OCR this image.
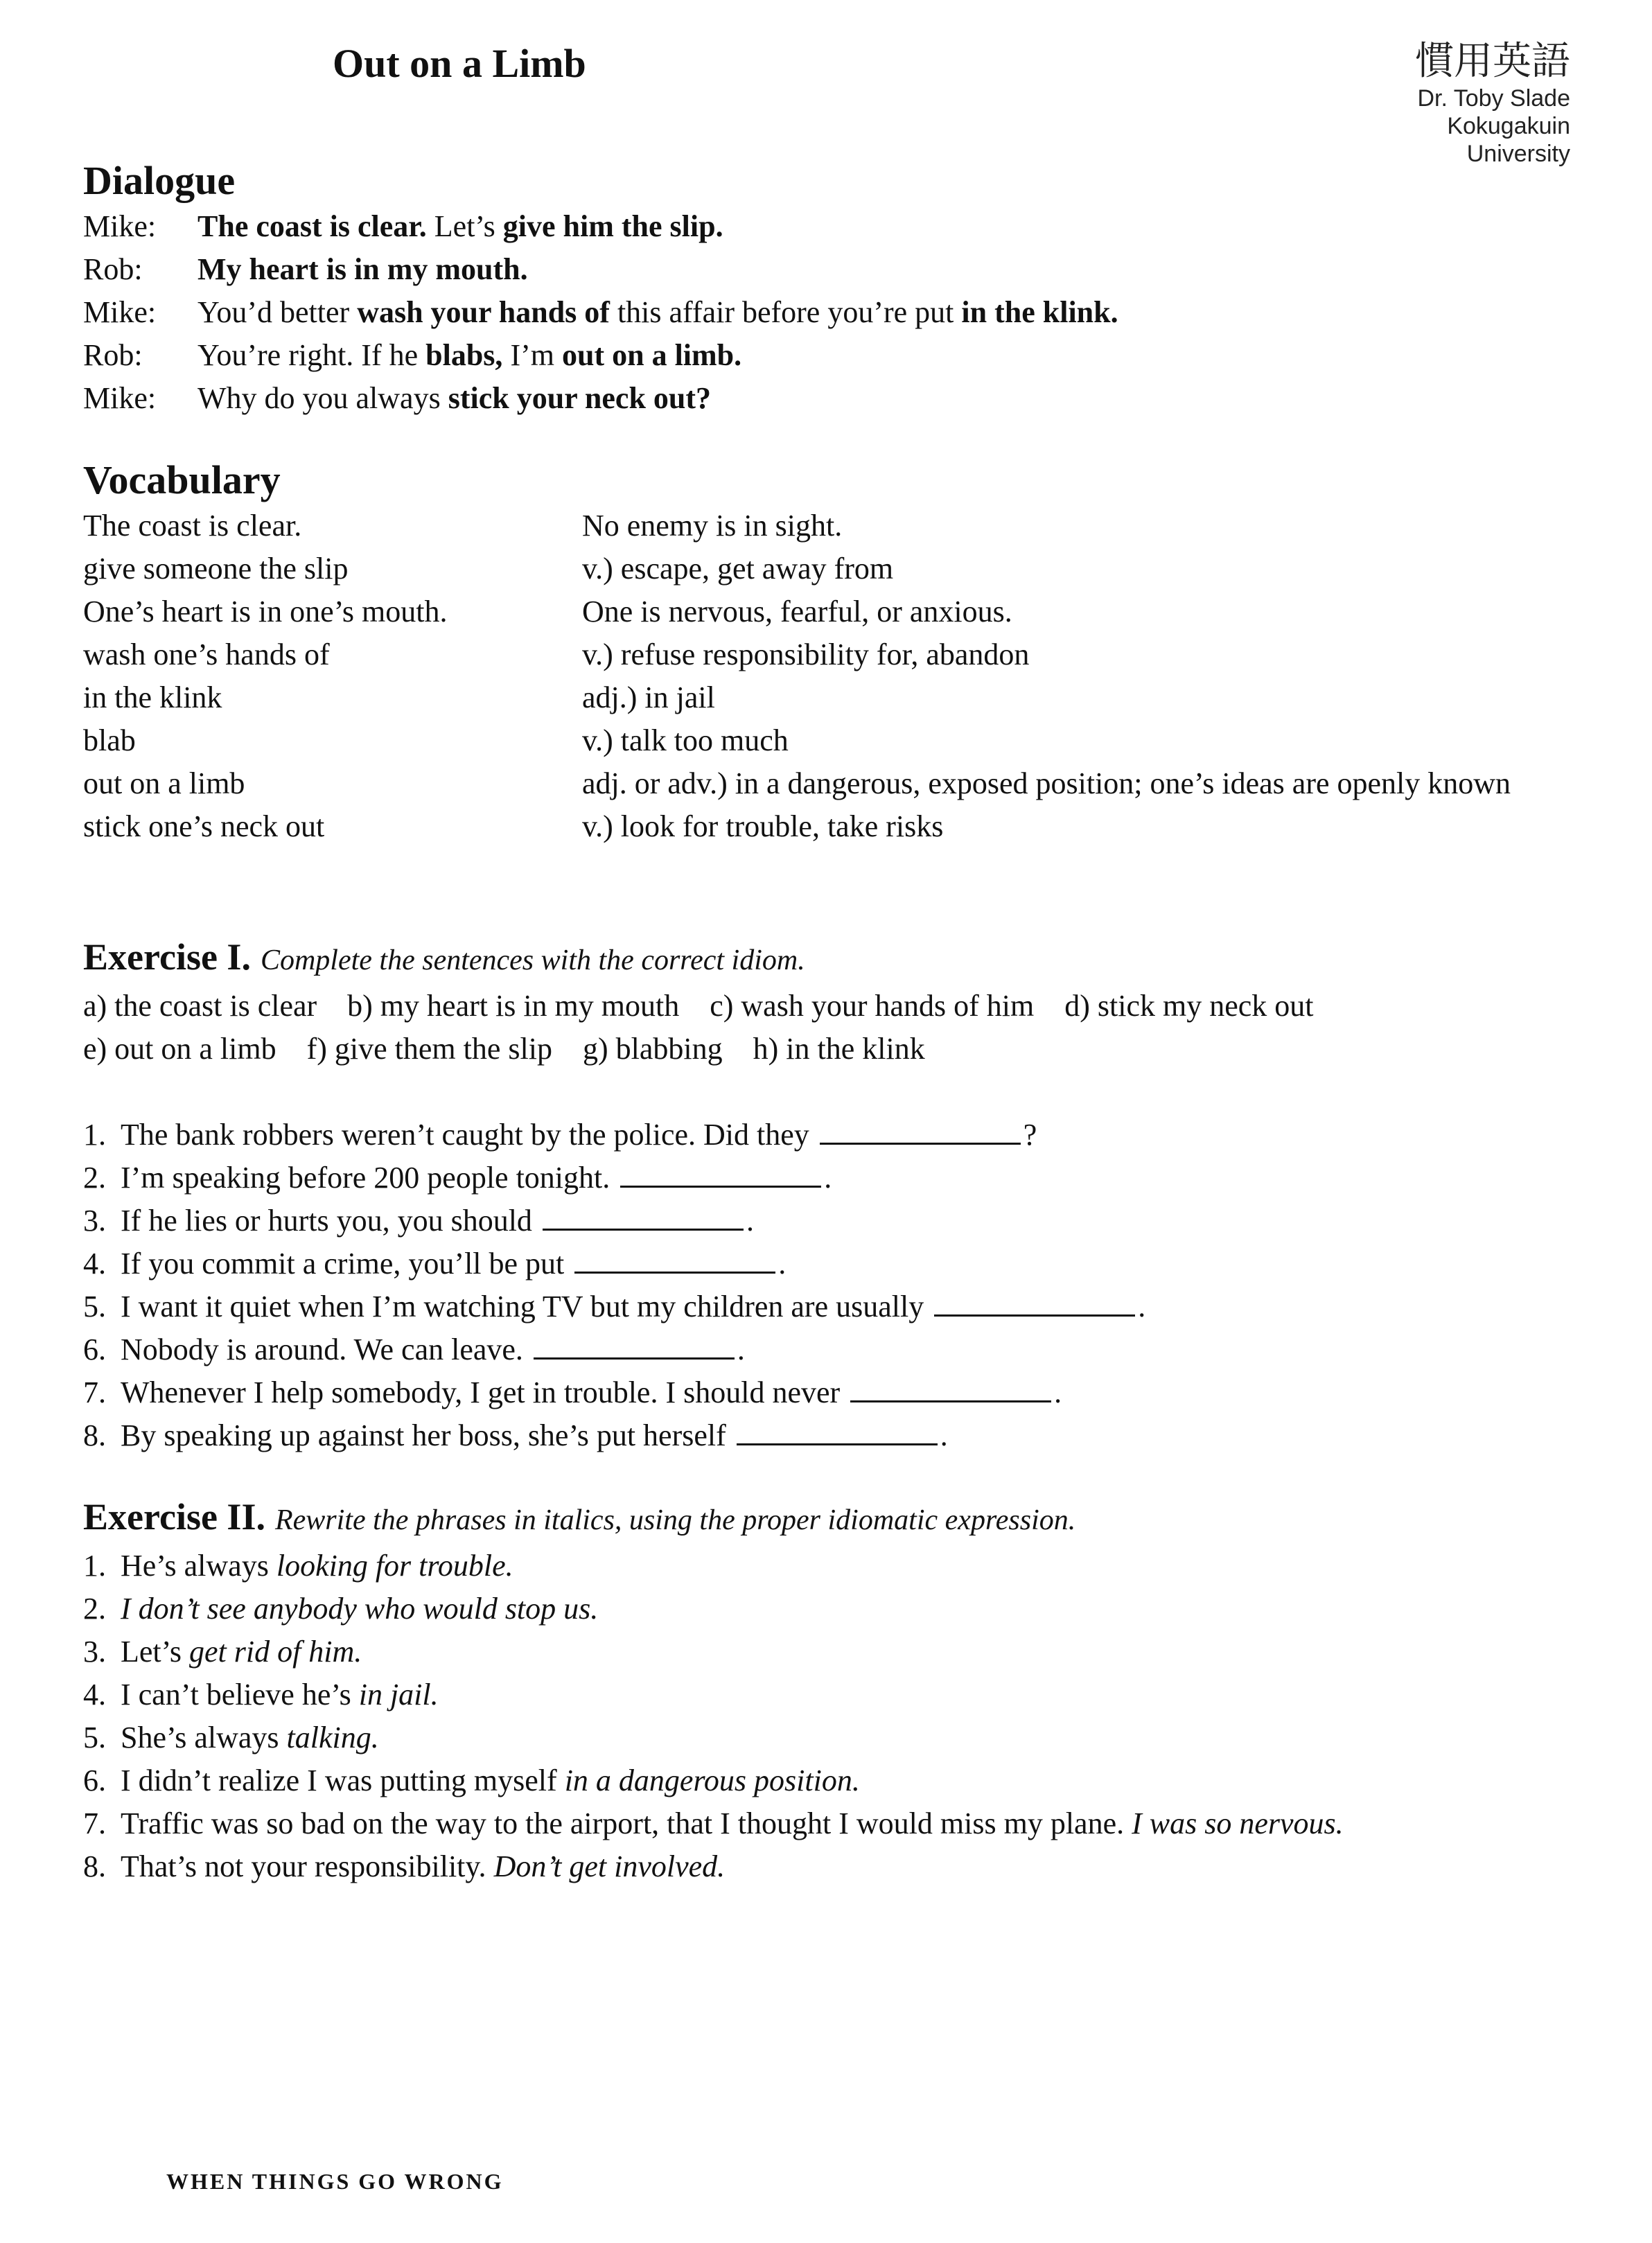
Out on a Limb	慣用英語
Dr. Toby Slade
Kokugakuin
University
Dialogue
Mike: The coast is clear. Let’s give him the slip.
Rob: My heart is in my mouth.
Mike: You’d better wash your hands of this affair before you’re put in the klink.
Rob: You’re right. If he blabs, I’m out on a limb.
Mike: Why do you always stick your neck out?
Vocabulary
The coast is clear.	No enemy is in sight.
give someone the slip	v.) escape, get away from
One’s heart is in one’s mouth.	One is nervous, fearful, or anxious.
wash one’s hands of	v.) refuse responsibility for, abandon
in the klink	adj.) in jail
blab	v.) talk too much
out on a limb	adj. or adv.) in a dangerous, exposed position; one’s ideas are openly known
stick one’s neck out	v.) look for trouble, take risks
Exercise I. Complete the sentences with the correct idiom.
a) the coast is clear b) my heart is in my mouth c) wash your hands of him d) stick my neck out
e) out on a limb f) give them the slip g) blabbing h) in the klink
1. The bank robbers weren’t caught by the police. Did they	?
2. I’m speaking before 200 people tonight.	.
3. If he lies or hurts you, you should	.
4. If you commit a crime, you’ll be put	.
5. I want it quiet when I’m watching TV but my children are usually	.
6. Nobody is around. We can leave.	.
7. Whenever I help somebody, I get in trouble. I should never	.
8. By speaking up against her boss, she’s put herself	.
Exercise II. Rewrite the phrases in italics, using the proper idiomatic expression.
1. He’s always looking for trouble.
2. I don’t see anybody who would stop us.
3. Let’s get rid of him.
4. I can’t believe he’s in jail.
5. She’s always talking.
6. I didn’t realize I was putting myself in a dangerous position.
7. Traffic was so bad on the way to the airport, that I thought I would miss my plane. I was so nervous.
8. That’s not your responsibility. Don’t get involved.
WHEN THINGS GO WRONG
